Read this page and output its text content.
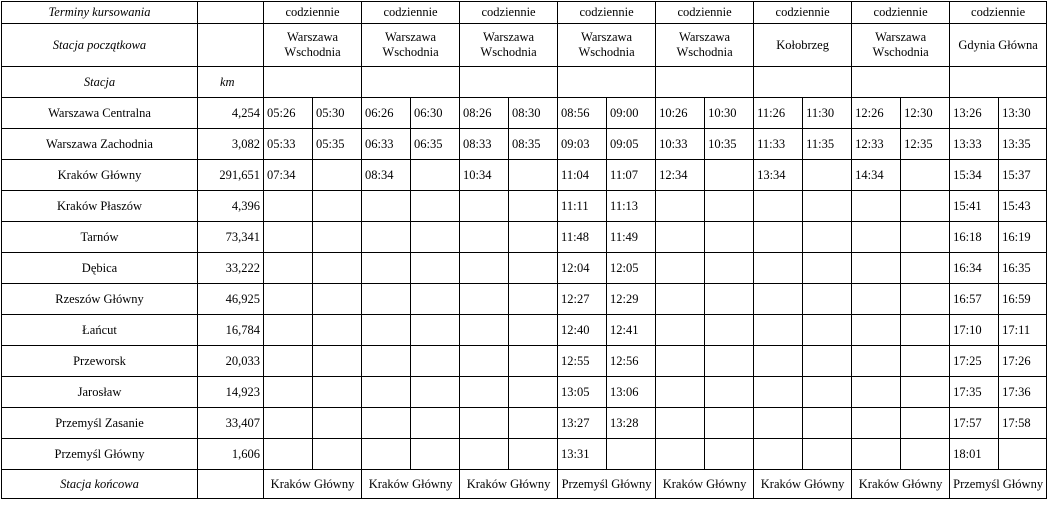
Terminy kursowania		codziennie		codziennie		codziennie		codziennie		codziennie		codziennie		codziennie		codziennie	
Stacja początkowa		Warszawa Wschodnia		Warszawa Wschodnia		Warszawa Wschodnia		Warszawa Wschodnia		Warszawa Wschodnia		Kołobrzeg		Warszawa Wschodnia		Gdynia Główna	
Stacja	km																
Warszawa Centralna	4,254	05:26	05:30	06:26	06:30	08:26	08:30	08:56	09:00	10:26	10:30	11:26	11:30	12:26	12:30	13:26	13:30
Warszawa Zachodnia	3,082	05:33	05:35	06:33	06:35	08:33	08:35	09:03	09:05	10:33	10:35	11:33	11:35	12:33	12:35	13:33	13:35
Kraków Główny	291,651	07:34		08:34		10:34		11:04	11:07	12:34		13:34		14:34		15:34	15:37
Kraków Płaszów	4,396							11:11	11:13							15:41	15:43
Tarnów	73,341							11:48	11:49							16:18	16:19
Dębica	33,222							12:04	12:05							16:34	16:35
Rzeszów Główny	46,925							12:27	12:29							16:57	16:59
Łańcut	16,784							12:40	12:41							17:10	17:11
Przeworsk	20,033							12:55	12:56							17:25	17:26
Jarosław	14,923							13:05	13:06							17:35	17:36
Przemyśl Zasanie	33,407							13:27	13:28							17:57	17:58
Przemyśl Główny	1,606							13:31								18:01	
Stacja końcowa		Kraków Główny		Kraków Główny		Kraków Główny		Przemyśl Główny		Kraków Główny		Kraków Główny		Kraków Główny		Przemyśl Główny	
